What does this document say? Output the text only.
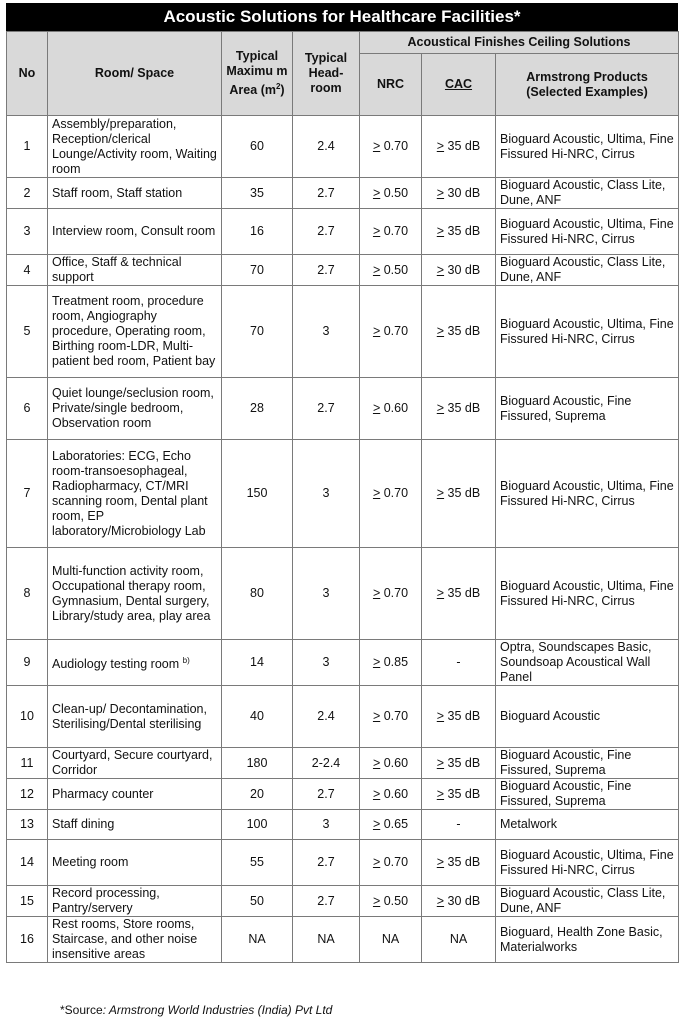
Acoustic Solutions for Healthcare Facilities*
No	Room/ Space	Typical Maximu m Area $(m^2)$	Typical Head-room	Acoustical Finishes Ceiling Solutions		
				NRC	CAC	Armstrong Products (Selected Examples)
1	Assembly/preparation, Reception/clerical Lounge/Activity room, Waiting room	60	2.4	> 0.70	> 35 dB	Bioguard Acoustic, Ultima, Fine Fissured Hi-NRC, Cirrus
2	Staff room, Staff station	35	2.7	> 0.50	> 30 dB	Bioguard Acoustic, Class Lite, Dune, ANF
3	Interview room, Consult room	16	2.7	> 0.70	> 35 dB	Bioguard Acoustic, Ultima, Fine Fissured Hi-NRC, Cirrus
4	Office, Staff & technical support	70	2.7	> 0.50	> 30 dB	Bioguard Acoustic, Class Lite, Dune, ANF
5	Treatment room, procedure room, Angiography procedure, Operating room, Birthing room-LDR, Multi-patient bed room, Patient bay	70	3	> 0.70	> 35 dB	Bioguard Acoustic, Ultima, Fine Fissured Hi-NRC, Cirrus
6	Quiet lounge/seclusion room, Private/single bedroom, Observation room	28	2.7	> 0.60	> 35 dB	Bioguard Acoustic, Fine Fissured, Suprema
7	Laboratories: ECG, Echo room-transoesophageal, Radiopharmacy, CT/MRI scanning room, Dental plant room, EP laboratory/Microbiology Lab	150	3	> 0.70	> 35 dB	Bioguard Acoustic, Ultima, Fine Fissured Hi-NRC, Cirrus
8	Multi-function activity room, Occupational therapy room, Gymnasium, Dental surgery, Library/study area, play area	80	3	> 0.70	> 35 dB	Bioguard Acoustic, Ultima, Fine Fissured Hi-NRC, Cirrus
9	Audiology testing room $^{b)}$	14	3	> 0.85	-	Optra, Soundscapes Basic, Soundsoap Acoustical Wall Panel
10	Clean-up/ Decontamination, Sterilising/Dental sterilising	40	2.4	> 0.70	> 35 dB	Bioguard Acoustic
11	Courtyard, Secure courtyard, Corridor	180	2-2.4	> 0.60	> 35 dB	Bioguard Acoustic, Fine Fissured, Suprema
12	Pharmacy counter	20	2.7	> 0.60	> 35 dB	Bioguard Acoustic, Fine Fissured, Suprema
13	Staff dining	100	3	> 0.65	-	Metalwork
14	Meeting room	55	2.7	> 0.70	> 35 dB	Bioguard Acoustic, Ultima, Fine Fissured Hi-NRC, Cirrus
15	Record processing, Pantry/servery	50	2.7	> 0.50	> 30 dB	Bioguard Acoustic, Class Lite, Dune, ANF
16	Rest rooms, Store rooms, Staircase, and other noise insensitive areas	NA	NA	NA	NA	Bioguard, Health Zone Basic, Materialworks
*Source: Armstrong World Industries (India) Pvt Ltd
